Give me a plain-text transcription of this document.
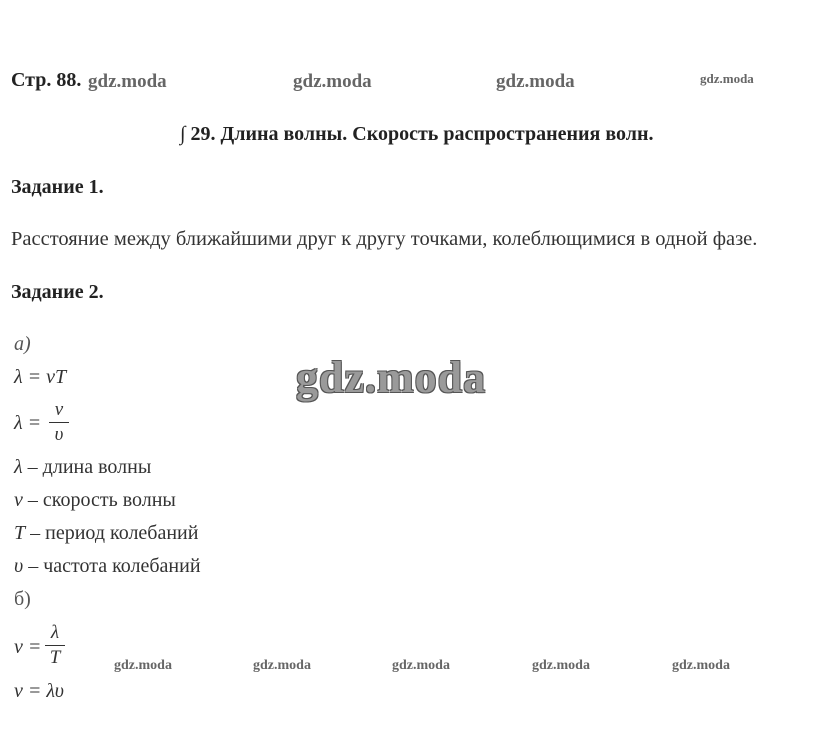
Стр. 88. gdz.moda	gdz.moda	gdz.moda	gdz.moda
∫ 29. Длина волны. Скорость распространения волн.
Задание 1.
Расстояние между ближайшими друг к другу точками, колеблющимися в одной фазе.
Задание 2.
a)
λ = vT
λ =
v
υ
λ – длина волны
v – скорость волны
T – период колебаний
υ – частота колебаний
б)
v =
λ
T
v = λυ
gdz.moda
gdz.moda	gdz.moda	gdz.moda	gdz.moda	gdz.moda
